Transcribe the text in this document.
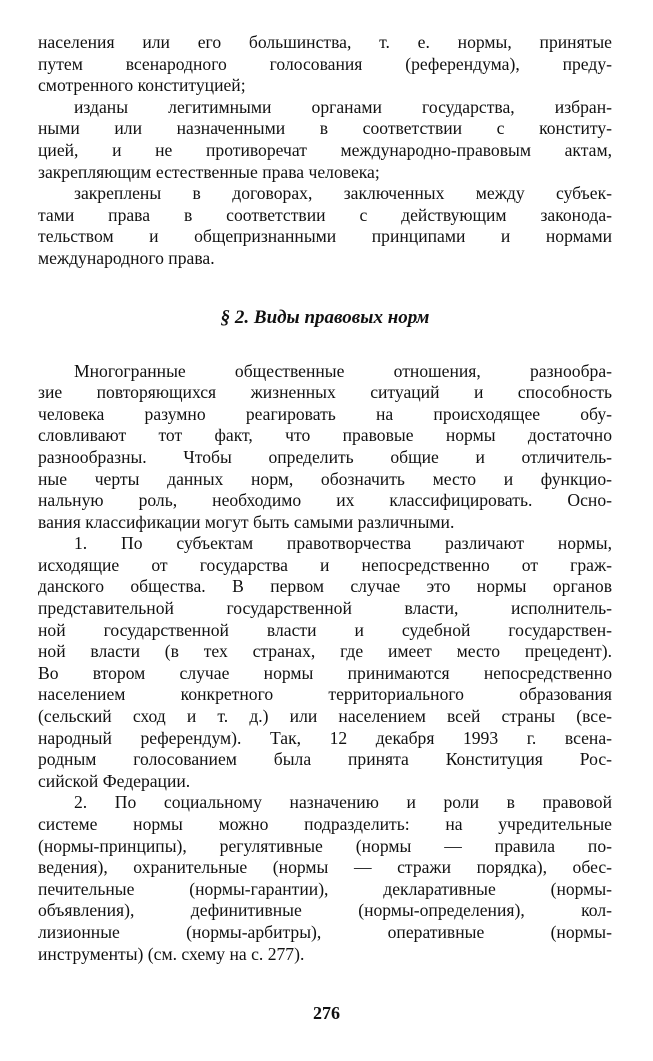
населения или его большинства, т. е. нормы, принятые
путем всенародного голосования (референдума), преду-
смотренного конституцией;
изданы легитимными органами государства, избран-
ными или назначенными в соответствии с конститу-
цией, и не противоречат международно-правовым актам,
закрепляющим естественные права человека;
закреплены в договорах, заключенных между субъек-
тами права в соответствии с действующим законода-
тельством и общепризнанными принципами и нормами
международного права.
§ 2. Виды правовых норм
Многогранные общественные отношения, разнообра-
зие повторяющихся жизненных ситуаций и способность
человека разумно реагировать на происходящее обу-
словливают тот факт, что правовые нормы достаточно
разнообразны. Чтобы определить общие и отличитель-
ные черты данных норм, обозначить место и функцио-
нальную роль, необходимо их классифицировать. Осно-
вания классификации могут быть самыми различными.
1. По субъектам правотворчества различают нормы,
исходящие от государства и непосредственно от граж-
данского общества. В первом случае это нормы органов
представительной государственной власти, исполнитель-
ной государственной власти и судебной государствен-
ной власти (в тех странах, где имеет место прецедент).
Во втором случае нормы принимаются непосредственно
населением конкретного территориального образования
(сельский сход и т. д.) или населением всей страны (все-
народный референдум). Так, 12 декабря 1993 г. всена-
родным голосованием была принята Конституция Рос-
сийской Федерации.
2. По социальному назначению и роли в правовой
системе нормы можно подразделить: на учредительные
(нормы-принципы), регулятивные (нормы — правила по-
ведения), охранительные (нормы — стражи порядка), обес-
печительные (нормы-гарантии), декларативные (нормы-
объявления), дефинитивные (нормы-определения), кол-
лизионные (нормы-арбитры), оперативные (нормы-
инструменты) (см. схему на с. 277).
276
